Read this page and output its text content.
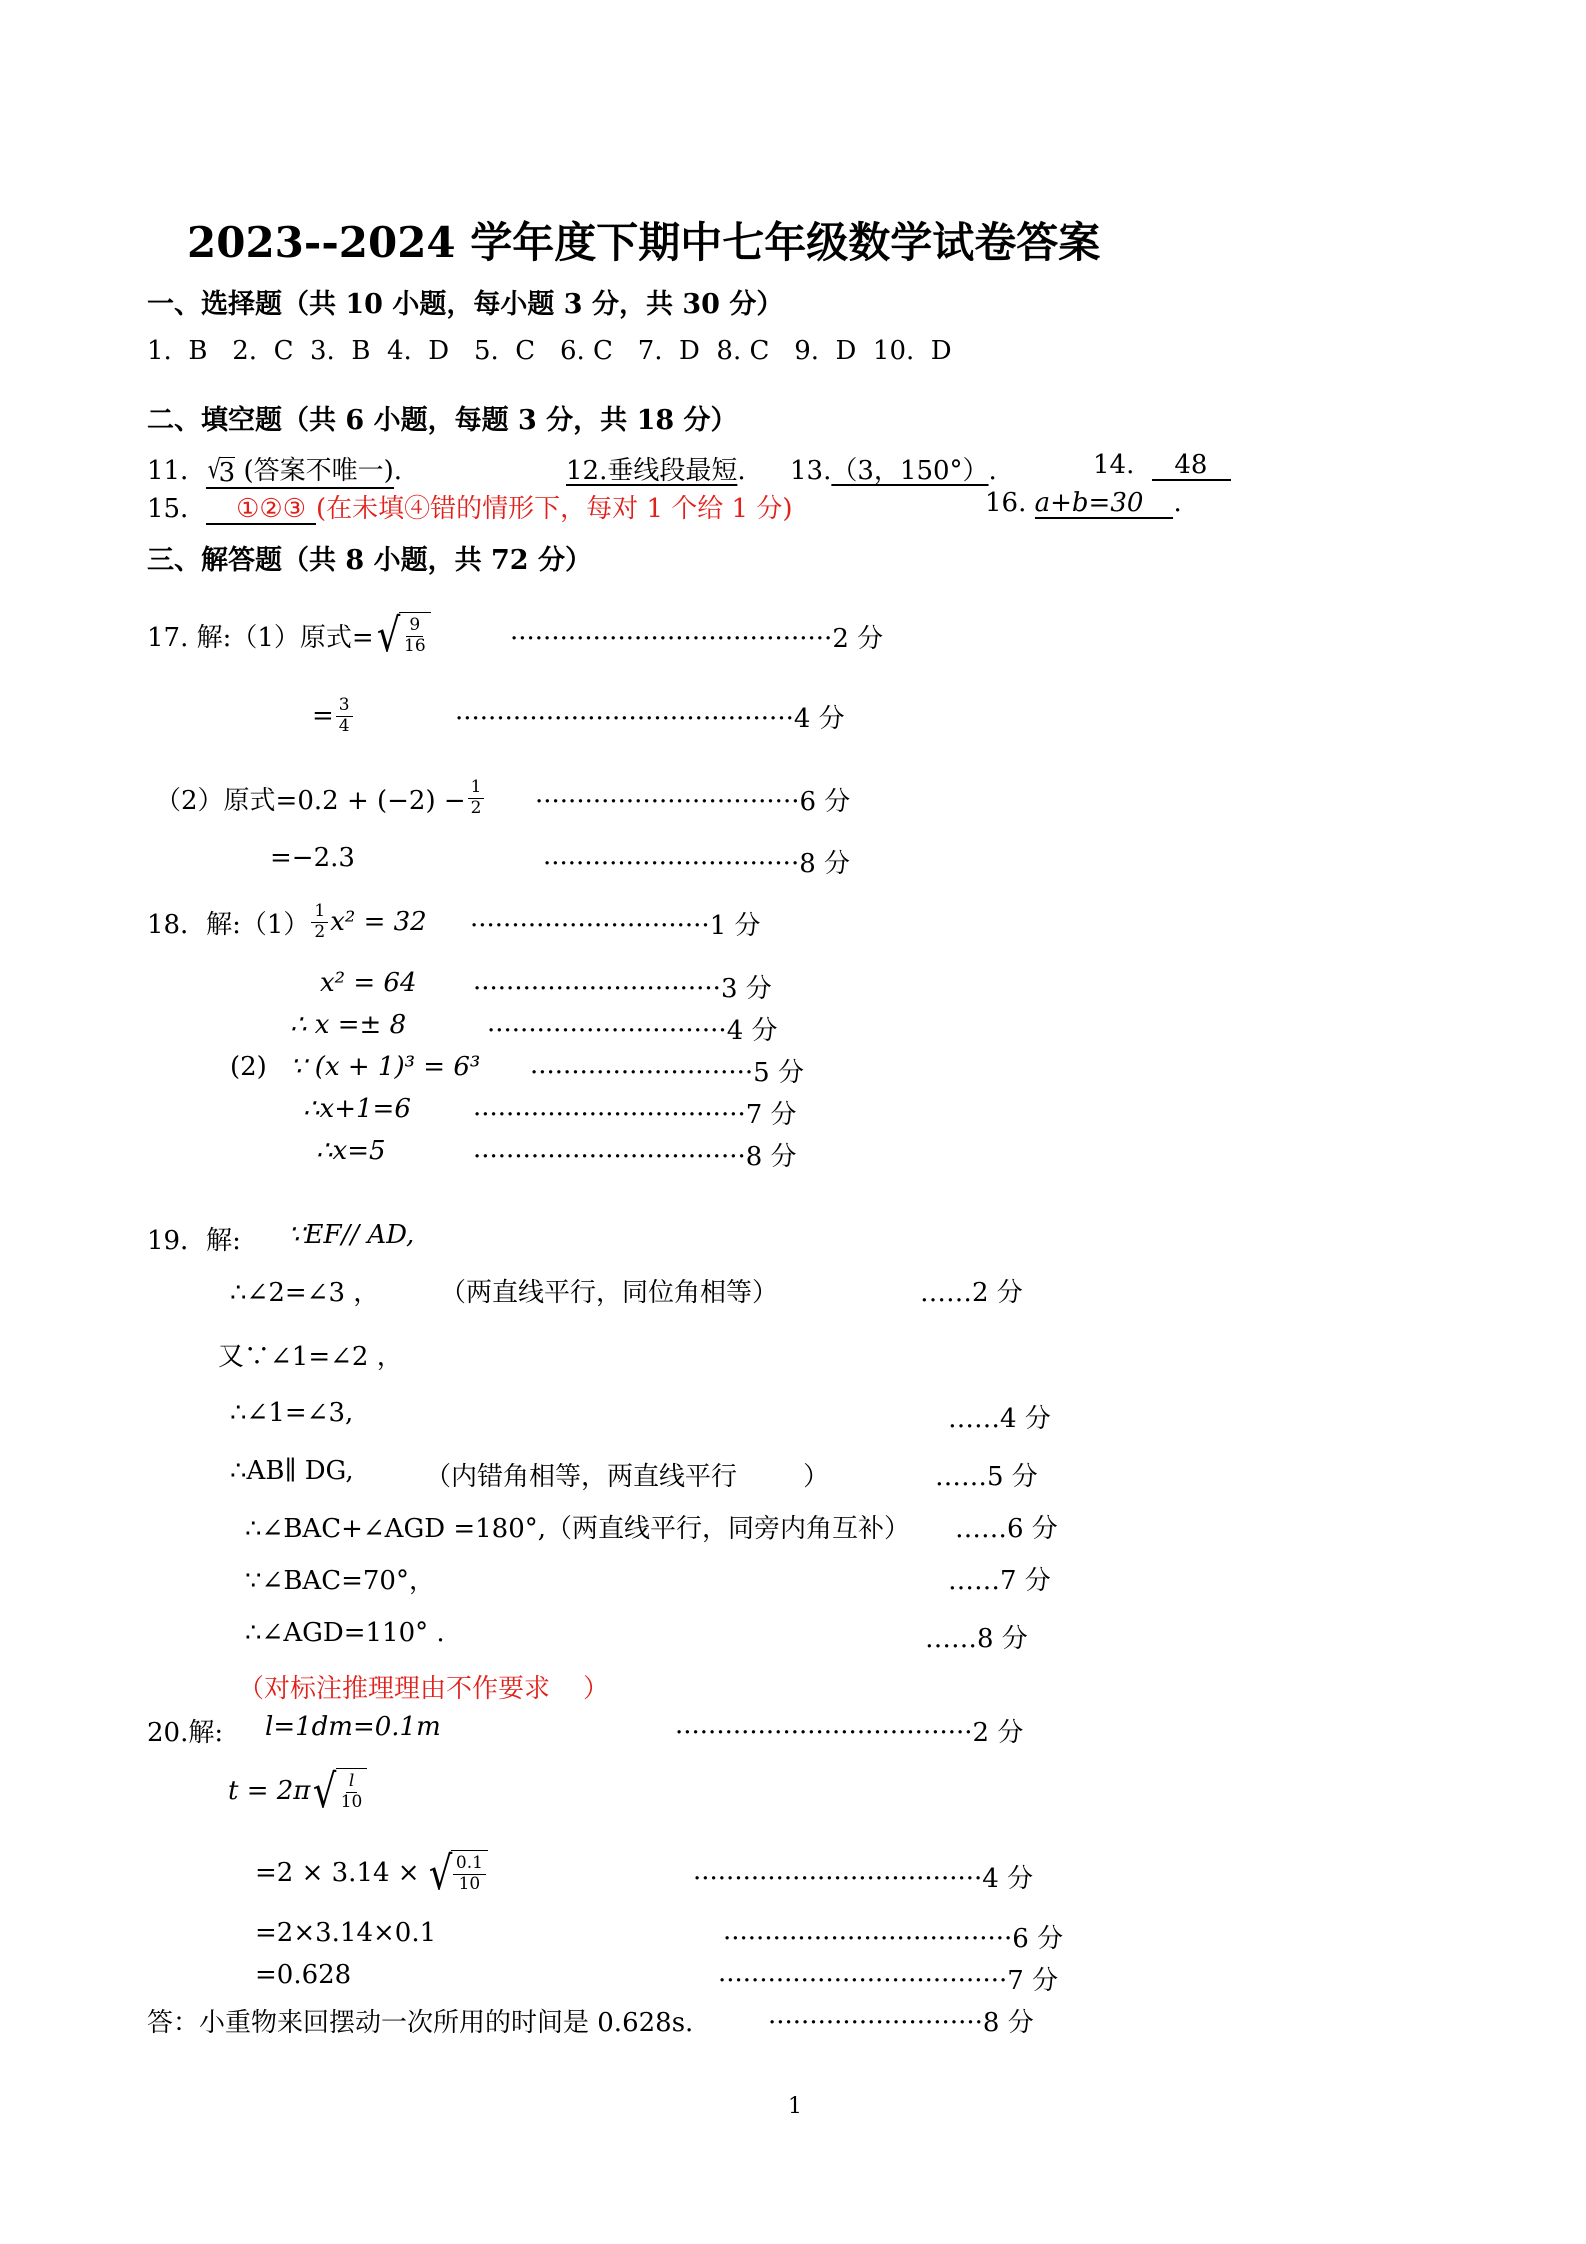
2023--2024 学年度下期中七年级数学试卷答案
一、选择题（共 10 小题，每小题 3 分，共 30 分）
1.  B   2.  C  3.  B  4.  D   5.  C   6. C   7.  D  8. C   9.  D  10.  D
二、填空题（共 6 小题，每题 3 分，共 18 分）
11． √
3 (答案不唯一).	12.垂线段最短. 13.（3，150°）.	14. 48
15． ①②③ (在未填④错的情形下，每对 1 个给 1 分)	16. a+b=30 .
三、解答题（共 8 小题，共 72 分）
17. 解:（1）原式= √ $\frac{9}{16}$	·······································2 分
= $\frac{3}{4}$	·········································4 分
（2）原式$=0.2 + (-2) - \frac{1}{2} \cdot\cdot\cdot\cdot\cdot\cdot\cdot\cdot\cdot\cdot\cdot\cdot\cdot\cdot\cdot\cdot\cdot\cdot\cdot\cdot\cdot\cdot\cdot\cdot\cdot\cdot\cdot\cdot\cdot\cdot\cdot\cdot 6$ 分
=−2.3	·······························8 分
18．解:（1） $\frac{1}{2} x^2 = 32 \cdot\cdot\cdot\cdot\cdot\cdot\cdot\cdot\cdot\cdot\cdot\cdot\cdot\cdot\cdot\cdot\cdot\cdot\cdot\cdot\cdot\cdot\cdot\cdot\cdot\cdot\cdot\cdot\cdot 1$ 分
x² = 64 ······························3 分
∴ x =± 8	·····························4 分
(2) ∵ (x + 1)³ = 6³ ···························5 分
∴x+1=6 ·································7 分
∴x=5	·································8 分
19．解: ∵EF// AD,
∴∠2=∠3 ， （两直线平行，同位角相等）	……2 分
又∵∠1=∠2 ，
∴∠1=∠3,	……4 分
∴AB∥ DG,	（内错角相等，两直线平行        ）	……5 分
∴∠BAC+∠AGD =180°,（两直线平行，同旁内角互补） ……6 分
∵∠BAC=70°，	……7 分
∴∠AGD=110° .	……8 分
（对标注推理理由不作要求    ）
20.解: l=1dm=0.1m	····································2 分
t = 2π √ $\frac{l}{10}$
=2 × 3.14 × √ $\frac{0.1}{10}$	···································4 分
=2×3.14×0.1	···································6 分
=0.628	···································7 分
答：小重物来回摆动一次所用的时间是 0.628s.	··························8 分
1
